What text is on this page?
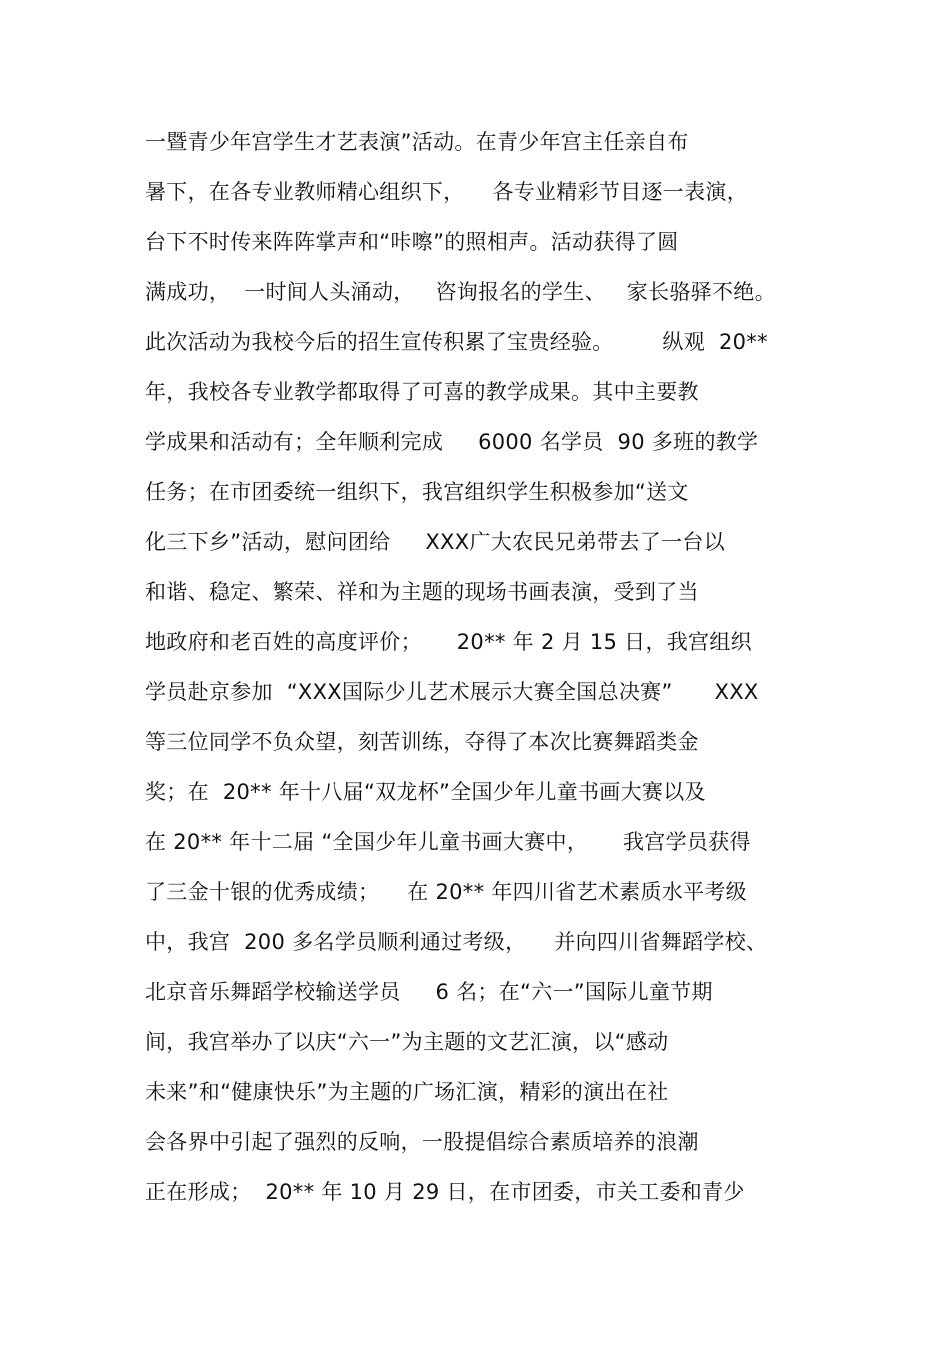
一暨青少年宫学生才艺表演”活动。在青少年宫主任亲自布
暑下，在各专业教师精心组织下，    各专业精彩节目逐一表演，
台下不时传来阵阵掌声和“咔嚓”的照相声。活动获得了圆
满成功，  一时间人头涌动，   咨询报名的学生、   家长骆驿不绝。
此次活动为我校今后的招生宣传积累了宝贵经验。       纵观  20**
年，我校各专业教学都取得了可喜的教学成果。其中主要教
学成果和活动有；全年顺利完成     6000 名学员  90 多班的教学
任务；在市团委统一组织下，我宫组织学生积极参加“送文
化三下乡”活动，慰问团给     XXX广大农民兄弟带去了一台以
和谐、稳定、繁荣、祥和为主题的现场书画表演，受到了当
地政府和老百姓的高度评价；     20** 年 2 月 15 日，我宫组织
学员赴京参加  “XXX国际少儿艺术展示大赛全国总决赛”      XXX
等三位同学不负众望，刻苦训练，夺得了本次比赛舞蹈类金
奖；在  20** 年十八届“双龙杯”全国少年儿童书画大赛以及
在 20** 年十二届 “全国少年儿童书画大赛中，     我宫学员获得
了三金十银的优秀成绩；    在 20** 年四川省艺术素质水平考级
中，我宫  200 多名学员顺利通过考级，    并向四川省舞蹈学校、
北京音乐舞蹈学校输送学员     6 名；在“六一”国际儿童节期
间，我宫举办了以庆“六一”为主题的文艺汇演，以“感动
未来”和“健康快乐”为主题的广场汇演，精彩的演出在社
会各界中引起了强烈的反响，一股提倡综合素质培养的浪潮
正在形成；  20** 年 10 月 29 日，在市团委，市关工委和青少
